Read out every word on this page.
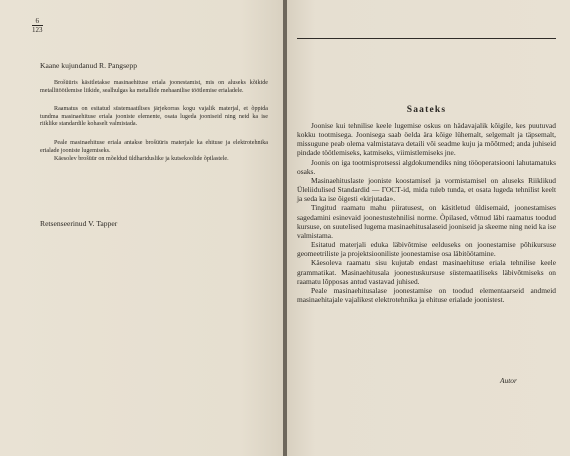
$\frac{6}{123}$
Kaane kujundanud R. Pangsepp

Brošüüris käsitletakse masinaehituse eriala joonestamist, mis on aluseks kõikide metallitöötlemise liikide, sealhulgas ka metallide mehaanilise töötlemise erialadele.

Raamatus on esitatud süstemaatilises järjekorras kogu vajalik materjal, et õppida tundma masinaehituse eriala jooniste elemente, osata lugeda jooniseid ning neid ka ise riiklike standardile kohaselt valmistada.

Peale masinaehituse eriala antakse brošüüris materjale ka ehituse ja elektrotehnika erialade jooniste lugemiseks.

Käesolev brošüür on mõeldud üldhariduslike ja kutsekoolide õpilastele.

Retsenseerinud V. Tapper
Saateks

Joonise kui tehnilise keele lugemise oskus on hädavajalik kõigile, kes puutuvad kokku tootmisega. Joonisega saab öelda ära kõige lühemalt, selgemalt ja täpsemalt, missugune peab olema valmistatava detaili või seadme kuju ja mõõtmed; anda juhiseid pindade töötlemiseks, katmiseks, viimistlemiseks jne.

Joonis on iga tootmisprotsessi algdokumendiks ning tööoperatsiooni lahutamatuks osaks.

Masinaehituslaste jooniste koostamisel ja vormistamisel on aluseks Riiklikud Üleliidulised Standardid — ГОСТ-id, mida tuleb tunda, et osata lugeda tehnilist keelt ja seda ka ise õigesti «kirjutada».

Tingitud raamatu mahu piiratusest, on käsitletud üldisemaid, joonestamises sagedamini esinevaid joonestustehnilisi norme. Õpilased, võtnud läbi raamatus toodud kursuse, on suutelised lugema masinaehitusalaseid jooniseid ja skeeme ning neid ka ise valmistama.

Esitatud materjali eduka läbivõtmise eelduseks on joonestamise põhikursuse geomeetriliste ja projektsiooniliste joonestamise osa läbitöötamine.

Käesoleva raamatu sisu kujutab endast masinaehituse eriala tehnilise keele grammatikat. Masinaehitusala joonestuskursuse süstemaatiliseks läbivõtmiseks on raamatu lõpposas antud vastavad juhised.

Peale masinaehitusalase joonestamise on toodud elementaarseid andmeid masinaehitajale vajalikest elektrotehnika ja ehituse erialade joonistest.

Autor
